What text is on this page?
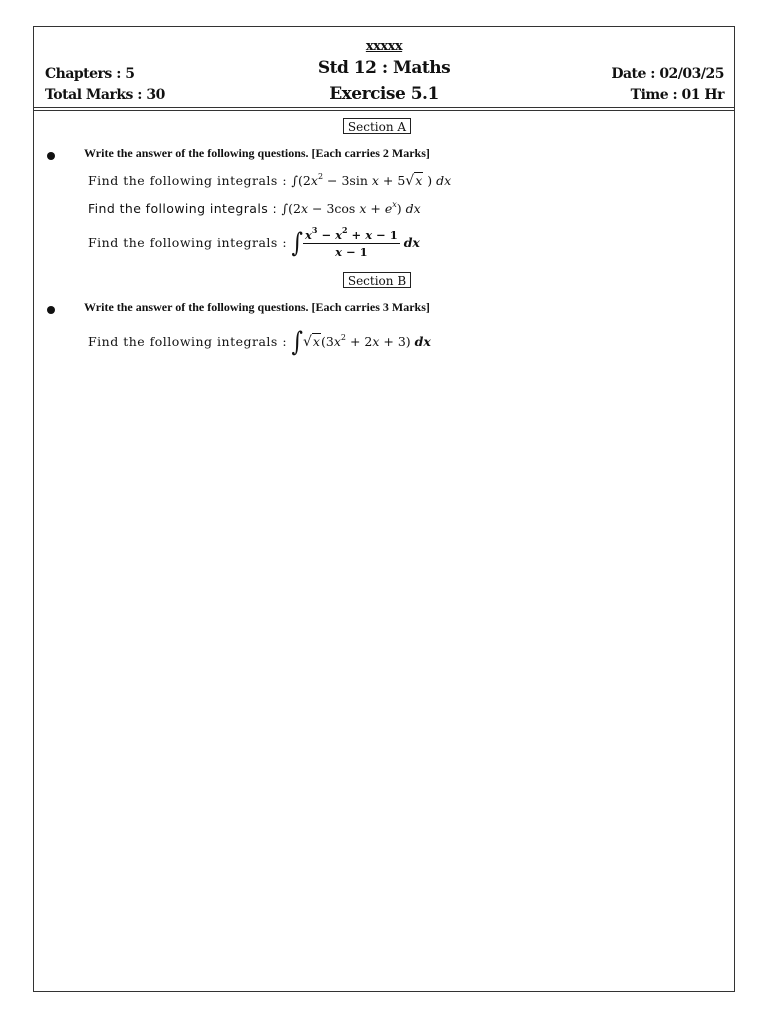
xxxxx
Std 12 : Maths
Exercise 5.1
Chapters : 5
Total Marks : 30
Date : 02/03/25
Time : 01 Hr
Section A
Write the answer of the following questions. [Each carries 2 Marks]
Find the following integrals : $\int(2x^2 - 3\sin$ x + 5√x ) dx
Find the following integrals : ∫(2x − 3cos $x + e^x$) dx
Find the following integrals : ∫ $\frac{x^3 - x^2 + x - 1}{x - 1}$ dx
Section B
Write the answer of the following questions. [Each carries 3 Marks]
Find the following integrals : $\int√x(3x^2 + 2x + 3)$ dx
